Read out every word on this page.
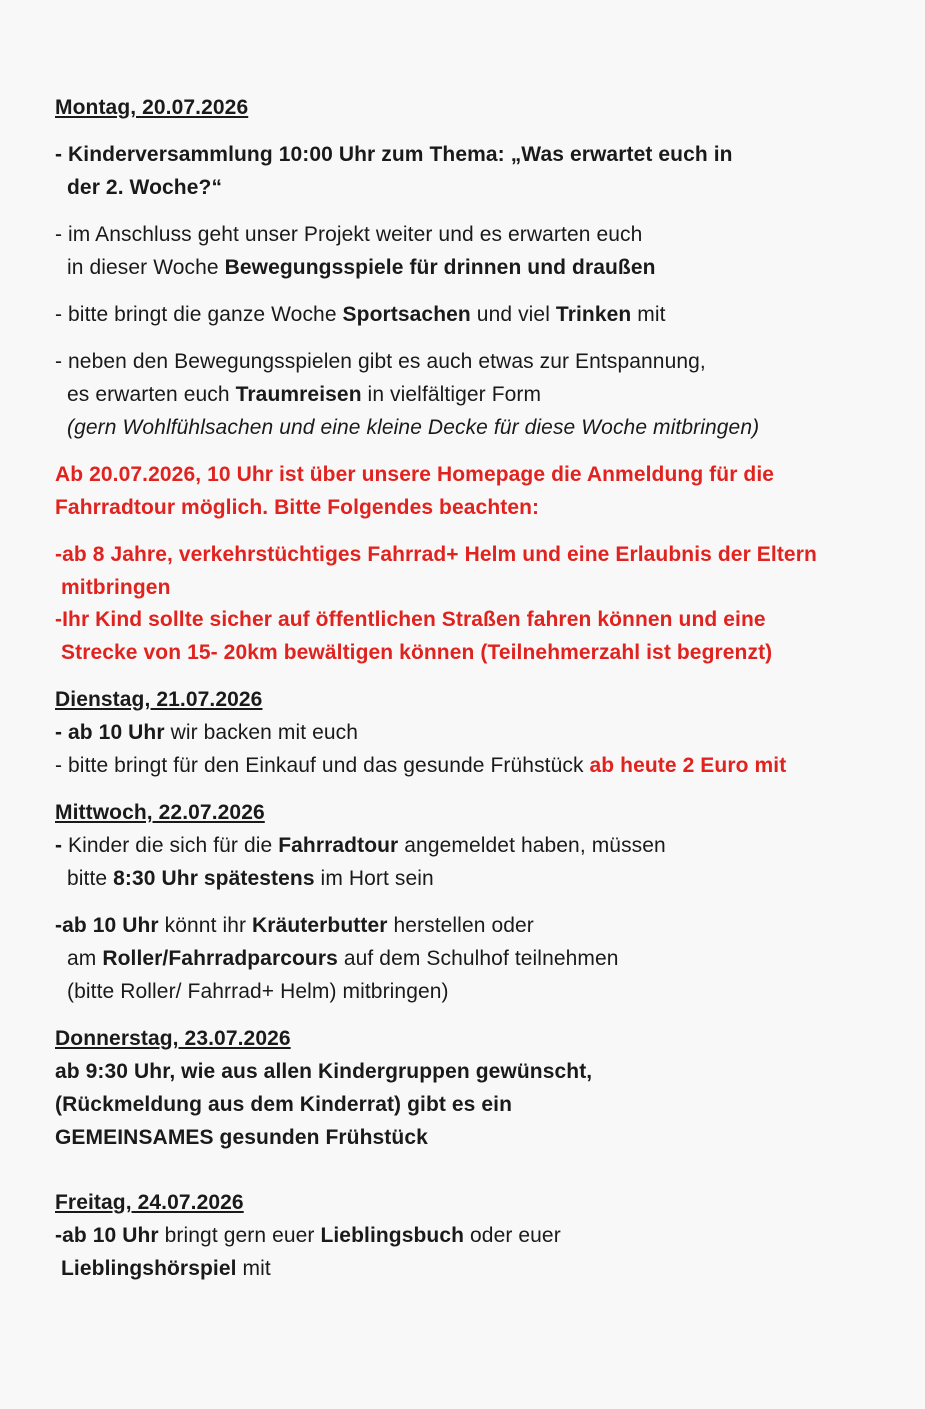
Montag, 20.07.2026
- Kinderversammlung 10:00 Uhr zum Thema: „Was erwartet euch in
der 2. Woche?“
- im Anschluss geht unser Projekt weiter und es erwarten euch
in dieser Woche Bewegungsspiele für drinnen und draußen
- bitte bringt die ganze Woche Sportsachen und viel Trinken mit
- neben den Bewegungsspielen gibt es auch etwas zur Entspannung,
es erwarten euch Traumreisen in vielfältiger Form
(gern Wohlfühlsachen und eine kleine Decke für diese Woche mitbringen)
Ab 20.07.2026, 10 Uhr ist über unsere Homepage die Anmeldung für die
Fahrradtour möglich. Bitte Folgendes beachten:
-ab 8 Jahre, verkehrstüchtiges Fahrrad+ Helm und eine Erlaubnis der Eltern
mitbringen
-Ihr Kind sollte sicher auf öffentlichen Straßen fahren können und eine
Strecke von 15- 20km bewältigen können (Teilnehmerzahl ist begrenzt)
Dienstag, 21.07.2026
- ab 10 Uhr wir backen mit euch
- bitte bringt für den Einkauf und das gesunde Frühstück ab heute 2 Euro mit
Mittwoch, 22.07.2026
- Kinder die sich für die Fahrradtour angemeldet haben, müssen
bitte 8:30 Uhr spätestens im Hort sein
-ab 10 Uhr könnt ihr Kräuterbutter herstellen oder
am Roller/Fahrradparcours auf dem Schulhof teilnehmen
(bitte Roller/ Fahrrad+ Helm) mitbringen)
Donnerstag, 23.07.2026
ab 9:30 Uhr, wie aus allen Kindergruppen gewünscht,
(Rückmeldung aus dem Kinderrat) gibt es ein
GEMEINSAMES gesunden Frühstück
Freitag, 24.07.2026
-ab 10 Uhr bringt gern euer Lieblingsbuch oder euer
Lieblingshörspiel mit
